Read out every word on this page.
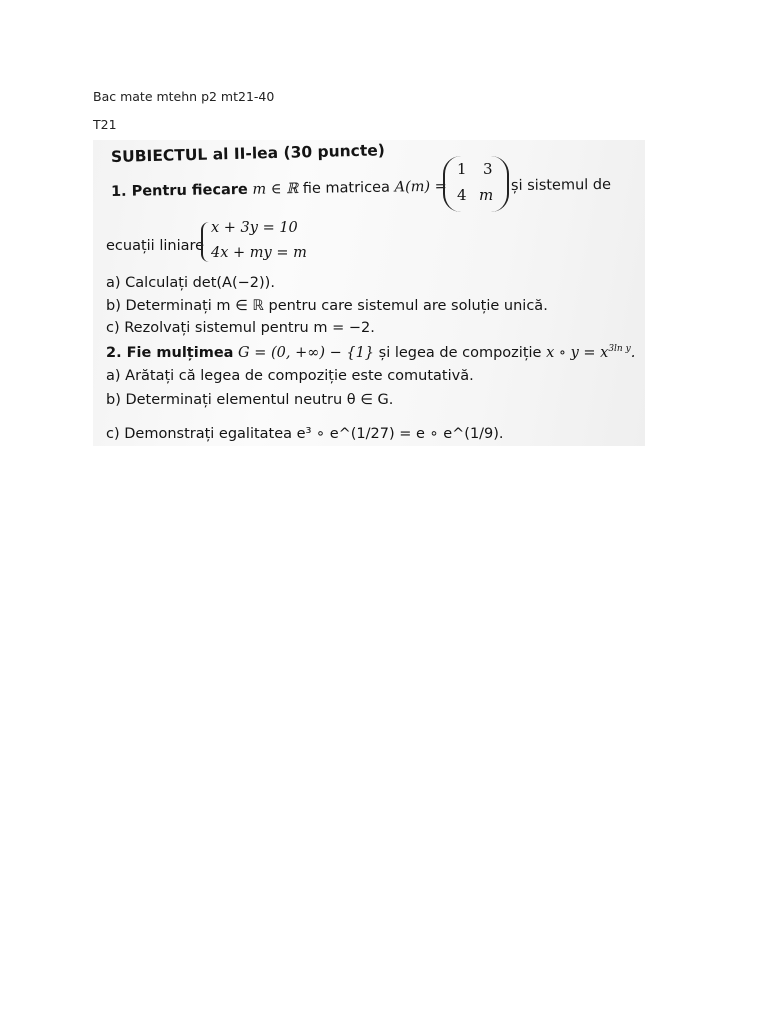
Bac mate mtehn p2 mt21-40
T21
SUBIECTUL al II-lea (30 puncte)
1. Pentru fiecare m ∈ ℝ fie matricea A(m) =
1 3
4 m
și sistemul de
ecuații liniare
x + 3y = 10
4x + my = m
a) Calculați det(A(−2)).
b) Determinați m ∈ ℝ pentru care sistemul are soluție unică.
c) Rezolvați sistemul pentru m = −2.
2. Fie mulțimea G = (0, +∞) − {1} și legea de compoziție x ∘ $y = x^{3ln y}$.
a) Arătați că legea de compoziție este comutativă.
b) Determinați elementul neutru θ ∈ G.
c) Demonstrați egalitatea e³ ∘ e^(1/27) = e ∘ e^(1/9).
